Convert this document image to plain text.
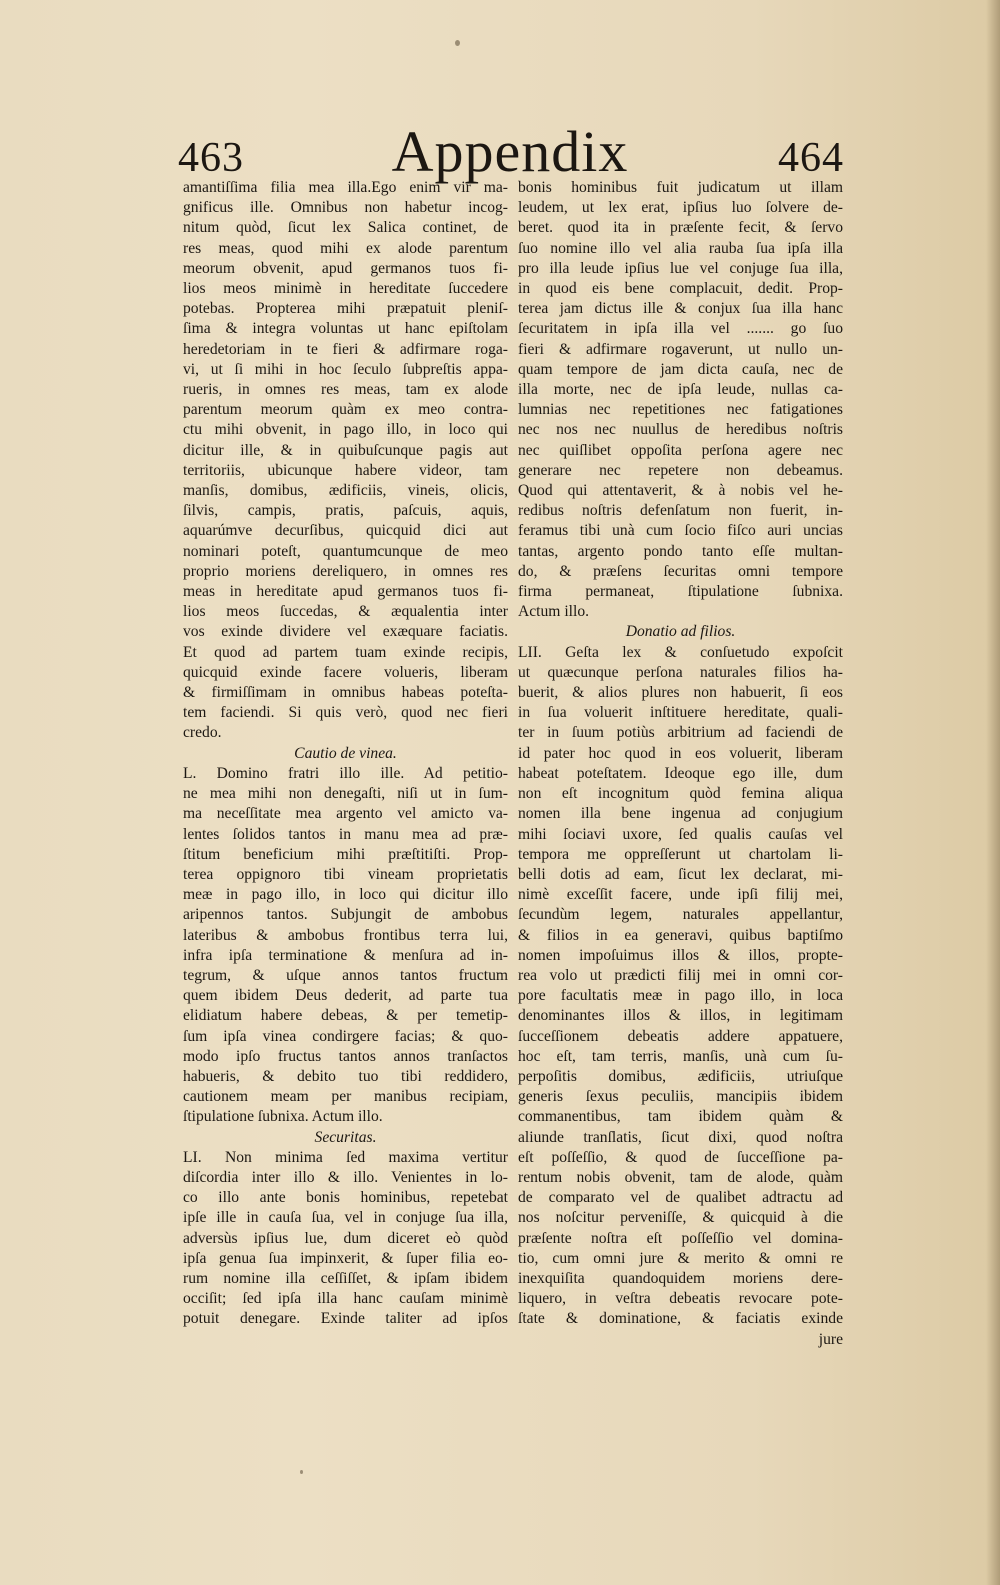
463	Appendix	464
amantiſſima filia mea illa.Ego enim vir ma-
gnificus ille. Omnibus non habetur incog-
nitum quòd, ſicut lex Salica continet, de
res meas, quod mihi ex alode parentum
meorum obvenit, apud germanos tuos fi-
lios meos minimè in hereditate ſuccedere
potebas. Propterea mihi præpatuit pleniſ-
ſima & integra voluntas ut hanc epiſtolam
heredetoriam in te fieri & adfirmare roga-
vi, ut ſi mihi in hoc ſeculo ſubpreſtis appa-
rueris, in omnes res meas, tam ex alode
parentum meorum quàm ex meo contra-
ctu mihi obvenit, in pago illo, in loco qui
dicitur ille, & in quibuſcunque pagis aut
territoriis, ubicunque habere videor, tam
manſis, domibus, ædificiis, vineis, olicis,
ſilvis, campis, pratis, paſcuis, aquis,
aquarúmve decurſibus, quicquid dici aut
nominari poteſt, quantumcunque de meo
proprio moriens dereliquero, in omnes res
meas in hereditate apud germanos tuos fi-
lios meos ſuccedas, & æqualentia inter
vos exinde dividere vel exæquare faciatis.
Et quod ad partem tuam exinde recipis,
quicquid exinde facere volueris, liberam
& firmiſſimam in omnibus habeas poteſta-
tem faciendi. Si quis verò, quod nec fieri
credo.
Cautio de vinea.
L. Domino fratri illo ille. Ad petitio-
ne mea mihi non denegaſti, niſi ut in ſum-
ma neceſſitate mea argento vel amicto va-
lentes ſolidos tantos in manu mea ad præ-
ſtitum beneficium mihi præſtitiſti. Prop-
terea oppignoro tibi vineam proprietatis
meæ in pago illo, in loco qui dicitur illo
aripennos tantos. Subjungit de ambobus
lateribus & ambobus frontibus terra lui,
infra ipſa terminatione & menſura ad in-
tegrum, & uſque annos tantos fructum
quem ibidem Deus dederit, ad parte tua
elidiatum habere debeas, & per temetip-
ſum ipſa vinea condirgere facias; & quo-
modo ipſo fructus tantos annos tranſactos
habueris, & debito tuo tibi reddidero,
cautionem meam per manibus recipiam,
ſtipulatione ſubnixa. Actum illo.
Securitas.
LI. Non minima ſed maxima vertitur
diſcordia inter illo & illo. Venientes in lo-
co illo ante bonis hominibus, repetebat
ipſe ille in cauſa ſua, vel in conjuge ſua illa,
adversùs ipſius lue, dum diceret eò quòd
ipſa genua ſua impinxerit, & ſuper filia eo-
rum nomine illa ceſſiſſet, & ipſam ibidem
occiſit; ſed ipſa illa hanc cauſam minimè
potuit denegare. Exinde taliter ad ipſos
bonis hominibus fuit judicatum ut illam
leudem, ut lex erat, ipſius luo ſolvere de-
beret. quod ita in præſente fecit, & ſervo
ſuo nomine illo vel alia rauba ſua ipſa illa
pro illa leude ipſius lue vel conjuge ſua illa,
in quod eis bene complacuit, dedit. Prop-
terea jam dictus ille & conjux ſua illa hanc
ſecuritatem in ipſa illa vel ....... go ſuo
fieri & adfirmare rogaverunt, ut nullo un-
quam tempore de jam dicta cauſa, nec de
illa morte, nec de ipſa leude, nullas ca-
lumnias nec repetitiones nec fatigationes
nec nos nec nuullus de heredibus noſtris
nec quiſlibet oppoſita perſona agere nec
generare nec repetere non debeamus.
Quod qui attentaverit, & à nobis vel he-
redibus noſtris defenſatum non fuerit, in-
feramus tibi unà cum ſocio fiſco auri uncias
tantas, argento pondo tanto eſſe multan-
do, & præſens ſecuritas omni tempore
firma permaneat, ſtipulatione ſubnixa.
Actum illo.
Donatio ad filios.
LII. Geſta lex & conſuetudo expoſcit
ut quæcunque perſona naturales filios ha-
buerit, & alios plures non habuerit, ſi eos
in ſua voluerit inſtituere hereditate, quali-
ter in ſuum potiùs arbitrium ad faciendi de
id pater hoc quod in eos voluerit, liberam
habeat poteſtatem. Ideoque ego ille, dum
non eſt incognitum quòd femina aliqua
nomen illa bene ingenua ad conjugium
mihi ſociavi uxore, ſed qualis cauſas vel
tempora me oppreſſerunt ut chartolam li-
belli dotis ad eam, ſicut lex declarat, mi-
nimè exceſſit facere, unde ipſi filij mei,
ſecundùm legem, naturales appellantur,
& filios in ea generavi, quibus baptiſmo
nomen impoſuimus illos & illos, propte-
rea volo ut prædicti filij mei in omni cor-
pore facultatis meæ in pago illo, in loca
denominantes illos & illos, in legitimam
ſucceſſionem debeatis addere appatuere,
hoc eſt, tam terris, manſis, unà cum ſu-
perpoſitis domibus, ædificiis, utriuſque
generis ſexus peculiis, mancipiis ibidem
commanentibus, tam ibidem quàm &
aliunde tranſlatis, ſicut dixi, quod noſtra
eſt poſſeſſio, & quod de ſucceſſione pa-
rentum nobis obvenit, tam de alode, quàm
de comparato vel de qualibet adtractu ad
nos noſcitur perveniſſe, & quicquid à die
præſente noſtra eſt poſſeſſio vel domina-
tio, cum omni jure & merito & omni re
inexquiſita quandoquidem moriens dere-
liquero, in veſtra debeatis revocare pote-
ſtate & dominatione, & faciatis exinde
jure
